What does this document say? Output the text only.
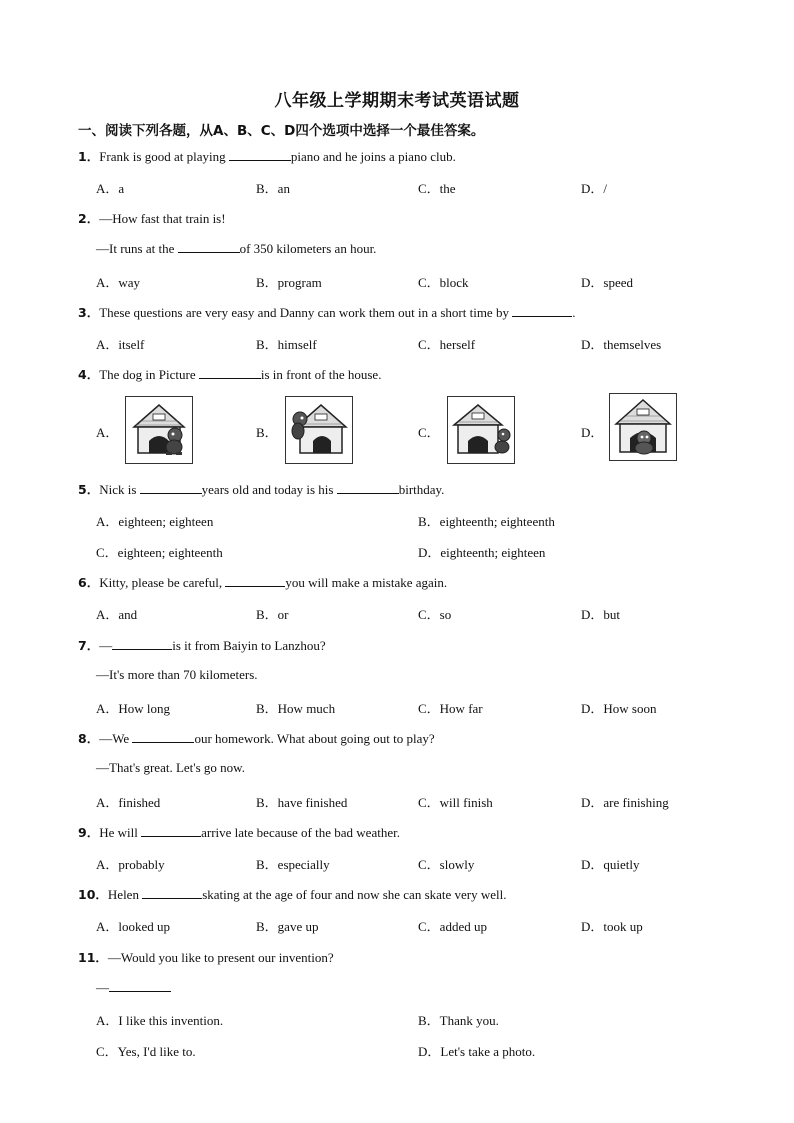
八年级上学期期末考试英语试题
一、阅读下列各题，从A、B、C、D四个选项中选择一个最佳答案。
1．Frank is good at playing	piano and he joins a piano club.
A．a	B．an	C．the	D．/
2．—How fast that train is!
—It runs at the	of 350 kilometers an hour.
A．way	B．program	C．block	D．speed
3．These questions are very easy and Danny can work them out in a short time by	.
A．itself	B．himself	C．herself	D．themselves
4．The dog in Picture	is in front of the house.
A．	B．	C．	D．
5．Nick is	years old and today is his	birthday.
A．eighteen; eighteen	B．eighteenth; eighteenth
C．eighteen; eighteenth	D．eighteenth; eighteen
6．Kitty, please be careful,	you will make a mistake again.
A．and	B．or	C．so	D．but
7．—	is it from Baiyin to Lanzhou?
—It's more than 70 kilometers.
A．How long	B．How much	C．How far	D．How soon
8．—We	our homework. What about going out to play?
—That's great. Let's go now.
A．finished	B．have finished	C．will finish	D．are finishing
9．He will	arrive late because of the bad weather.
A．probably	B．especially	C．slowly	D．quietly
10．Helen	skating at the age of four and now she can skate very well.
A．looked up	B．gave up	C．added up	D．took up
11．—Would you like to present our invention?
—
A．I like this invention.	B．Thank you.
C．Yes, I'd like to.	D．Let's take a photo.
